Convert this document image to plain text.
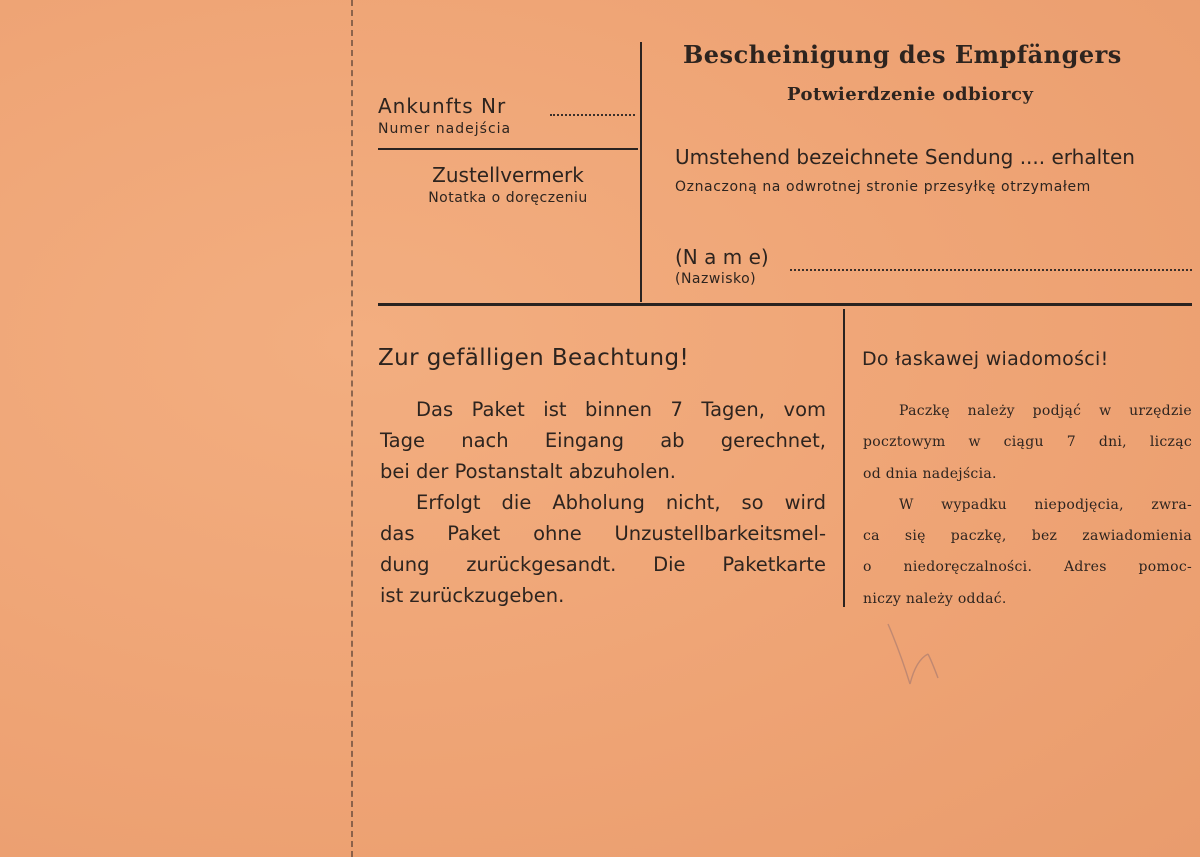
Bescheinigung des Empfängers
Potwierdzenie odbiorcy
Ankunfts Nr
Numer nadejścia
Zustellvermerk
Notatka o doręczeniu
Umstehend bezeichnete Sendung .... erhalten
Oznaczoną na odwrotnej stronie przesyłkę otrzymałem
(N a m e)
(Nazwisko)
Zur gefälligen Beachtung!

Das Paket ist binnen 7 Tagen, vom

Tage nach Eingang ab gerechnet,

bei der Postanstalt abzuholen.

Erfolgt die Abholung nicht, so wird

das Paket ohne Unzustellbarkeitsmel-

dung zurückgesandt. Die Paketkarte

ist zurückzugeben.

Do łaskawej wiadomości!

Paczkę należy podjąć w urzędzie

pocztowym w ciągu 7 dni, licząc

od dnia nadejścia.

W wypadku niepodjęcia, zwra-

ca się paczkę, bez zawiadomienia

o niedoręczalności. Adres pomoc-

niczy należy oddać.
